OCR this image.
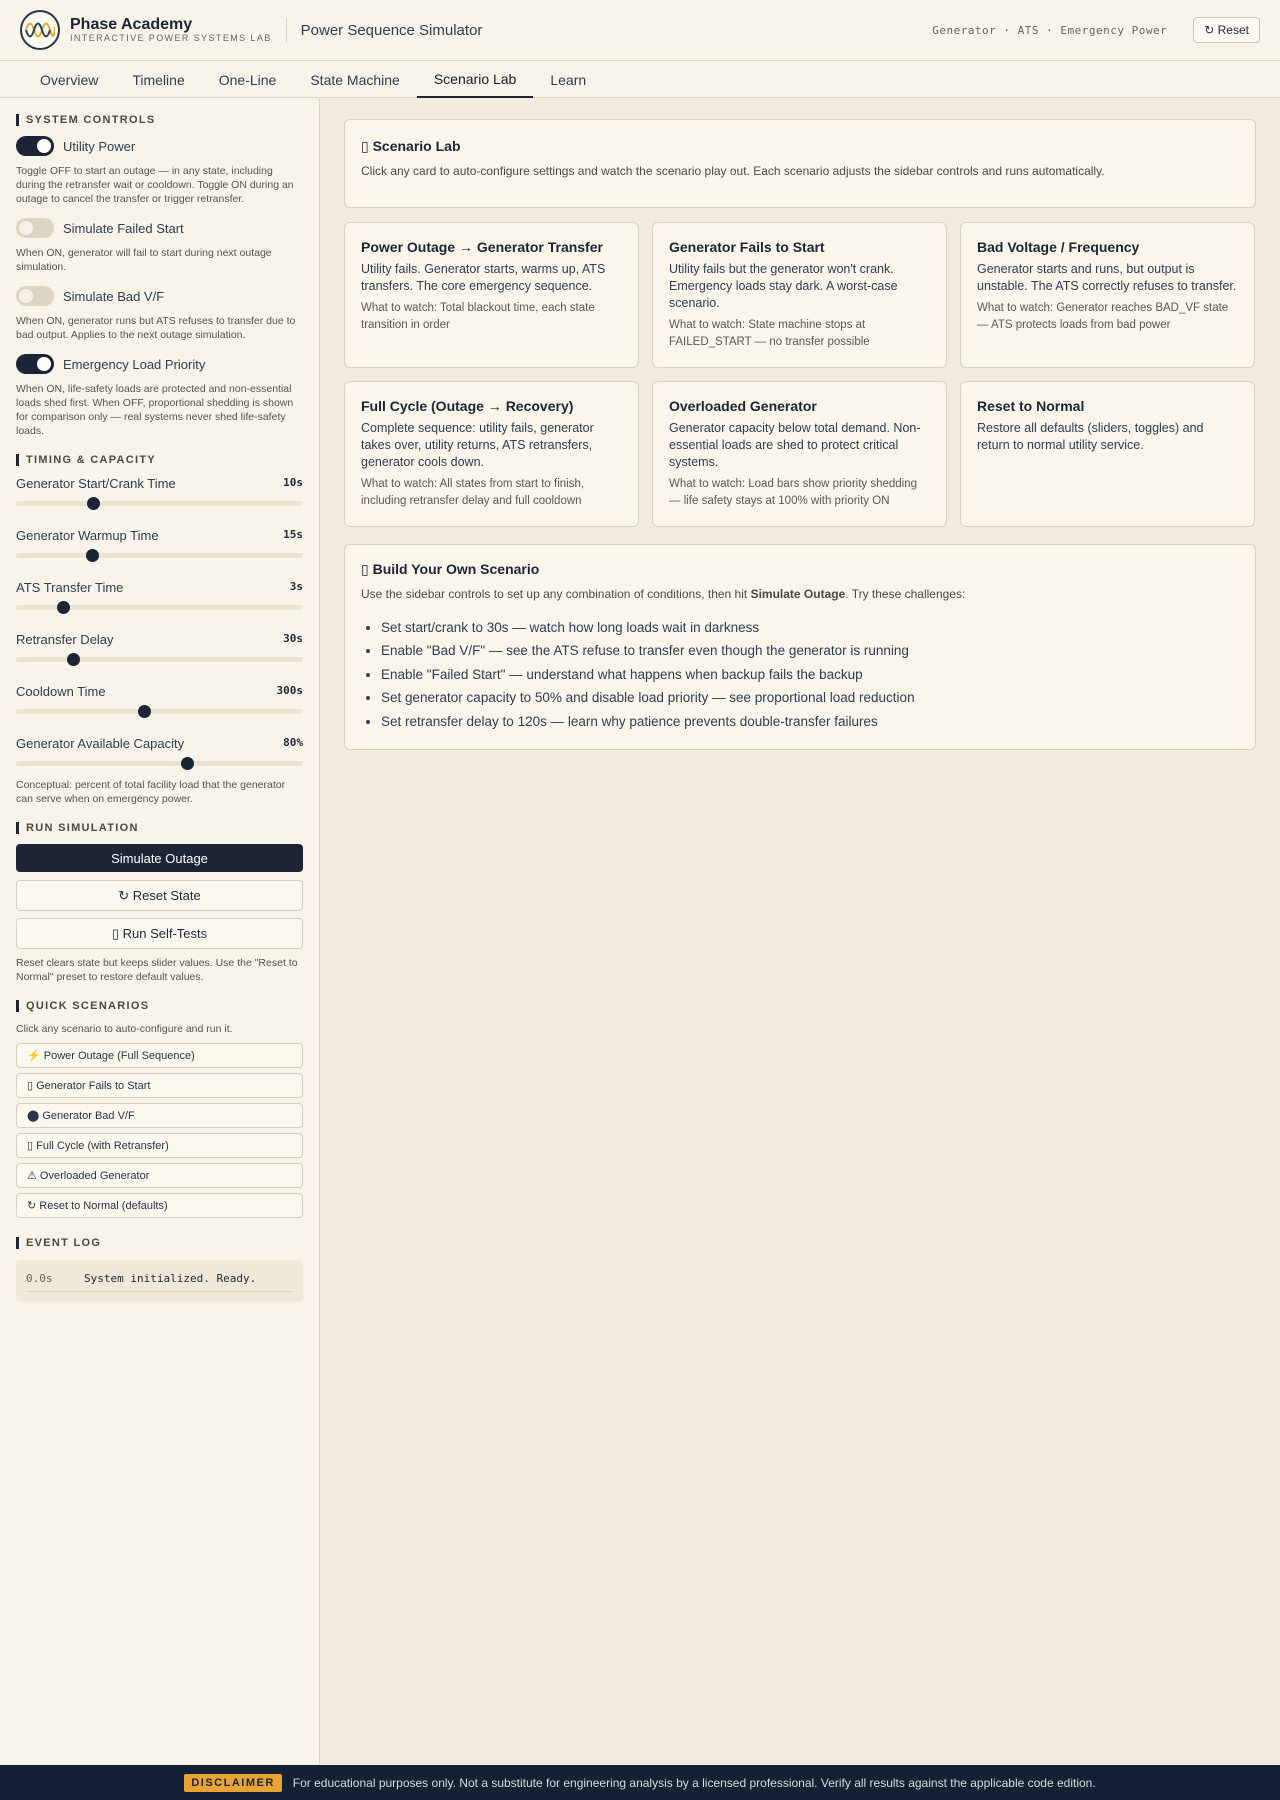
Phase Academy
INTERACTIVE POWER SYSTEMS LAB Power Sequence Simulator	Generator · ATS · Emergency Power	↻ Reset
Overview	Timeline	One-Line	State Machine	Scenario Lab	Learn
SYSTEM CONTROLS
Utility Power
Toggle OFF to start an outage — in any state, including during the retransfer wait or cooldown. Toggle ON during an outage to cancel the transfer or trigger retransfer.
Simulate Failed Start
When ON, generator will fail to start during next outage simulation.
Simulate Bad V/F
When ON, generator runs but ATS refuses to transfer due to bad output. Applies to the next outage simulation.
Emergency Load Priority
When ON, life-safety loads are protected and non-essential loads shed first. When OFF, proportional shedding is shown for comparison only — real systems never shed life-safety loads.
TIMING & CAPACITY
Generator Start/Crank Time	10s
Generator Warmup Time	15s
ATS Transfer Time	3s
Retransfer Delay	30s
Cooldown Time	300s
Generator Available Capacity	80%
Conceptual: percent of total facility load that the generator can serve when on emergency power.
RUN SIMULATION
Simulate Outage
↻ Reset State
▯ Run Self-Tests
Reset clears state but keeps slider values. Use the "Reset to Normal" preset to restore default values.
QUICK SCENARIOS
Click any scenario to auto-configure and run it.
⚡ Power Outage (Full Sequence)
▯ Generator Fails to Start
⬤ Generator Bad V/F
▯ Full Cycle (with Retransfer)
⚠ Overloaded Generator
↻ Reset to Normal (defaults)
EVENT LOG
0.0s	System initialized. Ready.
▯ Scenario Lab
Click any card to auto-configure settings and watch the scenario play out. Each scenario adjusts the sidebar controls and runs automatically.
Power Outage → Generator Transfer
Utility fails. Generator starts, warms up, ATS transfers. The core emergency sequence.
What to watch: Total blackout time, each state transition in order
Generator Fails to Start
Utility fails but the generator won't crank. Emergency loads stay dark. A worst-case scenario.
What to watch: State machine stops at FAILED_START — no transfer possible
Bad Voltage / Frequency
Generator starts and runs, but output is unstable. The ATS correctly refuses to transfer.
What to watch: Generator reaches BAD_VF state — ATS protects loads from bad power
Full Cycle (Outage → Recovery)
Complete sequence: utility fails, generator takes over, utility returns, ATS retransfers, generator cools down.
What to watch: All states from start to finish, including retransfer delay and full cooldown
Overloaded Generator
Generator capacity below total demand. Non-essential loads are shed to protect critical systems.
What to watch: Load bars show priority shedding — life safety stays at 100% with priority ON
Reset to Normal
Restore all defaults (sliders, toggles) and return to normal utility service.
▯ Build Your Own Scenario
Use the sidebar controls to set up any combination of conditions, then hit Simulate Outage. Try these challenges:
• Set start/crank to 30s — watch how long loads wait in darkness
• Enable "Bad V/F" — see the ATS refuse to transfer even though the generator is running
• Enable "Failed Start" — understand what happens when backup fails the backup
• Set generator capacity to 50% and disable load priority — see proportional load reduction
• Set retransfer delay to 120s — learn why patience prevents double-transfer failures
DISCLAIMER	For educational purposes only. Not a substitute for engineering analysis by a licensed professional. Verify all results against the applicable code edition.
